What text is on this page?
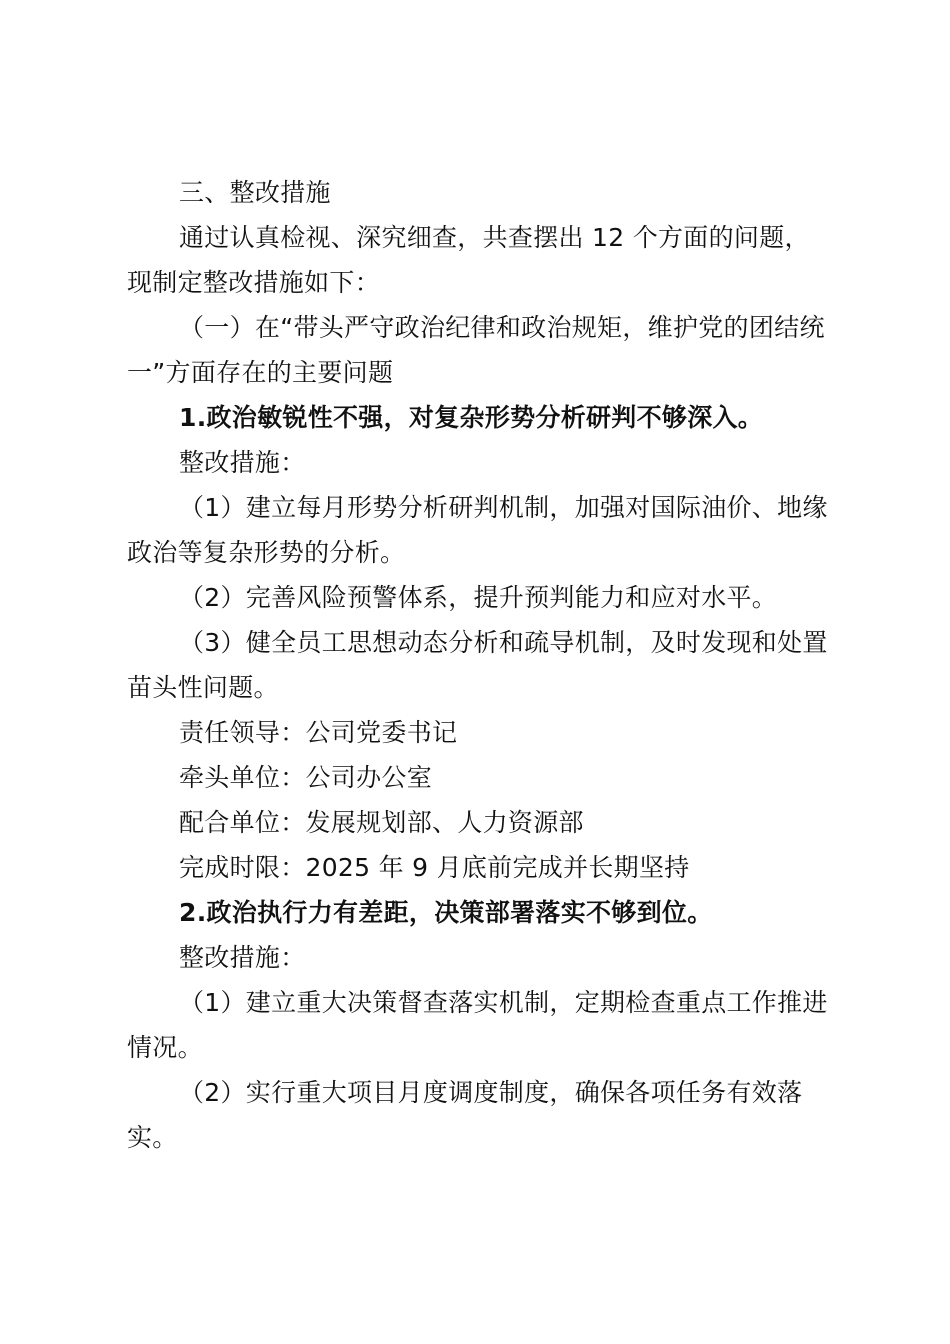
三、整改措施
通过认真检视、深究细查，共查摆出 12 个方面的问题，
现制定整改措施如下：
（一）在“带头严守政治纪律和政治规矩，维护党的团结统
一”方面存在的主要问题
1.政治敏锐性不强，对复杂形势分析研判不够深入。
整改措施：
（1）建立每月形势分析研判机制，加强对国际油价、地缘
政治等复杂形势的分析。
（2）完善风险预警体系，提升预判能力和应对水平。
（3）健全员工思想动态分析和疏导机制，及时发现和处置
苗头性问题。
责任领导：公司党委书记
牵头单位：公司办公室
配合单位：发展规划部、人力资源部
完成时限：2025 年 9 月底前完成并长期坚持
2.政治执行力有差距，决策部署落实不够到位。
整改措施：
（1）建立重大决策督查落实机制，定期检查重点工作推进
情况。
（2）实行重大项目月度调度制度，确保各项任务有效落
实。
